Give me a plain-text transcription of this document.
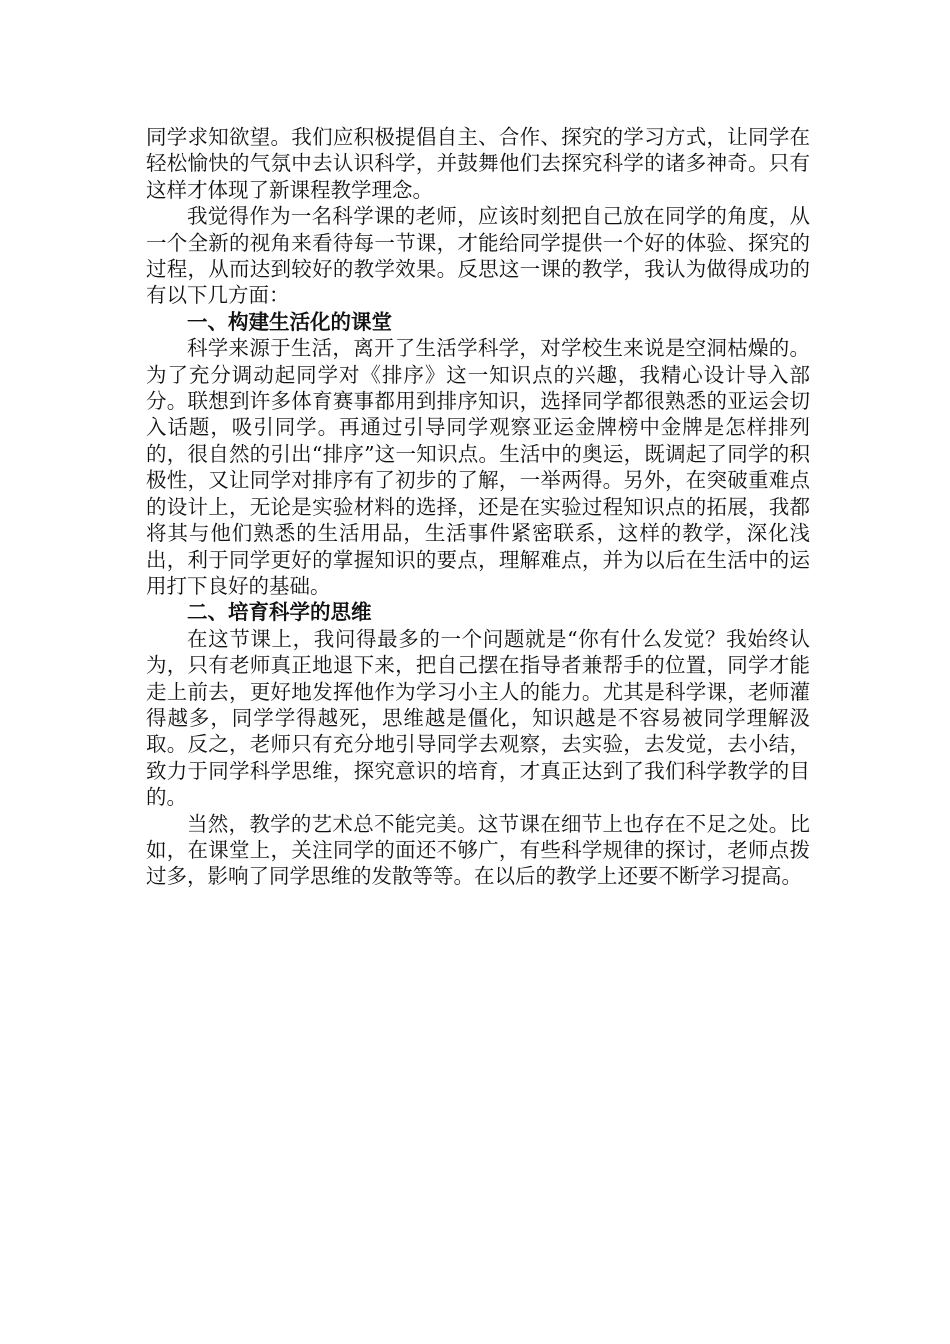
同学求知欲望。我们应积极提倡自主、合作、探究的学习方式，让同学在轻松愉快的气氛中去认识科学，并鼓舞他们去探究科学的诸多神奇。只有这样才体现了新课程教学理念。

我觉得作为一名科学课的老师，应该时刻把自己放在同学的角度，从一个全新的视角来看待每一节课，才能给同学提供一个好的体验、探究的过程，从而达到较好的教学效果。反思这一课的教学，我认为做得成功的有以下几方面：

一、构建生活化的课堂

科学来源于生活，离开了生活学科学，对学校生来说是空洞枯燥的。为了充分调动起同学对《排序》这一知识点的兴趣，我精心设计导入部分。联想到许多体育赛事都用到排序知识，选择同学都很熟悉的亚运会切入话题，吸引同学。再通过引导同学观察亚运金牌榜中金牌是怎样排列的，很自然的引出“排序”这一知识点。生活中的奥运，既调起了同学的积极性，又让同学对排序有了初步的了解，一举两得。另外，在突破重难点的设计上，无论是实验材料的选择，还是在实验过程知识点的拓展，我都将其与他们熟悉的生活用品，生活事件紧密联系，这样的教学，深化浅出，利于同学更好的掌握知识的要点，理解难点，并为以后在生活中的运用打下良好的基础。

二、培育科学的思维

在这节课上，我问得最多的一个问题就是“你有什么发觉？我始终认为，只有老师真正地退下来，把自己摆在指导者兼帮手的位置，同学才能走上前去，更好地发挥他作为学习小主人的能力。尤其是科学课，老师灌得越多，同学学得越死，思维越是僵化，知识越是不容易被同学理解汲取。反之，老师只有充分地引导同学去观察，去实验，去发觉，去小结，致力于同学科学思维，探究意识的培育，才真正达到了我们科学教学的目的。

当然，教学的艺术总不能完美。这节课在细节上也存在不足之处。比如，在课堂上，关注同学的面还不够广，有些科学规律的探讨，老师点拨过多，影响了同学思维的发散等等。在以后的教学上还要不断学习提高。
